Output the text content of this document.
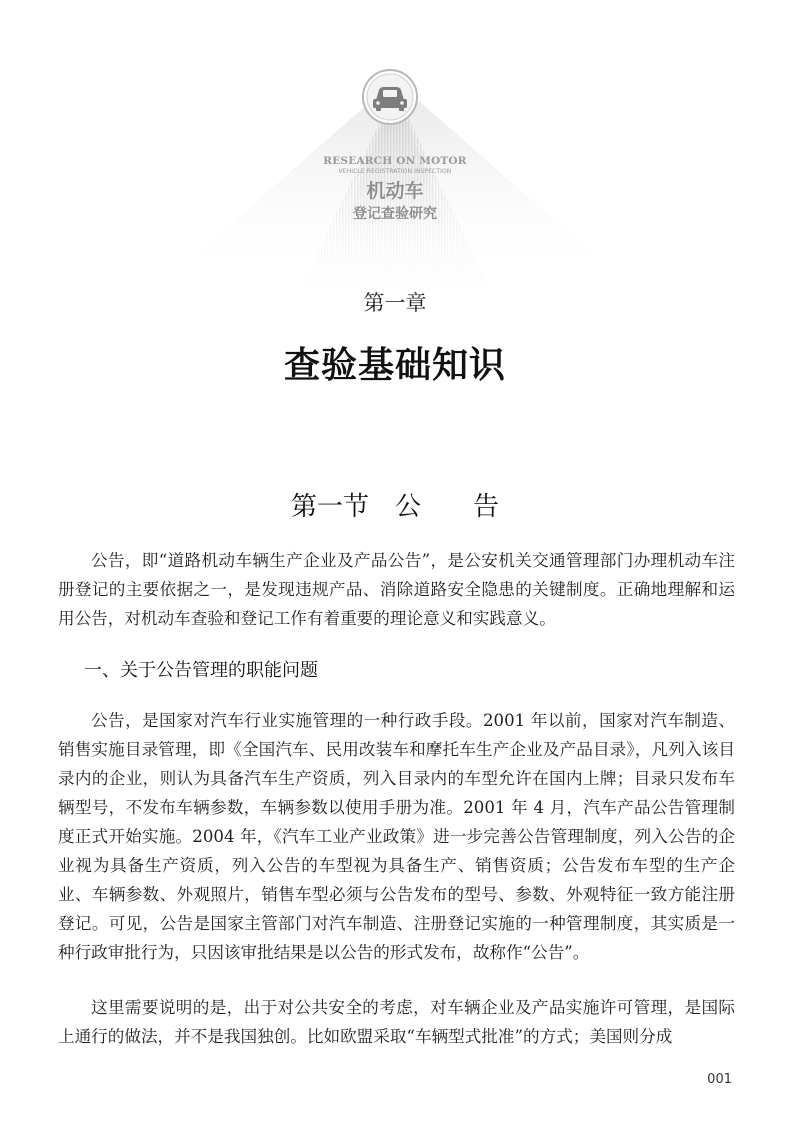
RESEARCH ON MOTOR
VEHICLE REGISTRATION INSPECTION
机动车
登记查验研究
第一章
查验基础知识
第一节 公 告

公告，即“道路机动车辆生产企业及产品公告”，是公安机关交通管理部门办理机动车注册登记的主要依据之一，是发现违规产品、消除道路安全隐患的关键制度。正确地理解和运用公告，对机动车查验和登记工作有着重要的理论意义和实践意义。

一、关于公告管理的职能问题

公告，是国家对汽车行业实施管理的一种行政手段。2001 年以前，国家对汽车制造、销售实施目录管理，即《全国汽车、民用改装车和摩托车生产企业及产品目录》，凡列入该目录内的企业，则认为具备汽车生产资质，列入目录内的车型允许在国内上牌；目录只发布车辆型号，不发布车辆参数，车辆参数以使用手册为准。2001 年 4 月，汽车产品公告管理制度正式开始实施。2004 年，《汽车工业产业政策》进一步完善公告管理制度，列入公告的企业视为具备生产资质，列入公告的车型视为具备生产、销售资质；公告发布车型的生产企业、车辆参数、外观照片，销售车型必须与公告发布的型号、参数、外观特征一致方能注册登记。可见，公告是国家主管部门对汽车制造、注册登记实施的一种管理制度，其实质是一种行政审批行为，只因该审批结果是以公告的形式发布，故称作“公告”。

这里需要说明的是，出于对公共安全的考虑，对车辆企业及产品实施许可管理，是国际上通行的做法，并不是我国独创。比如欧盟采取“车辆型式批准”的方式；美国则分成

001
